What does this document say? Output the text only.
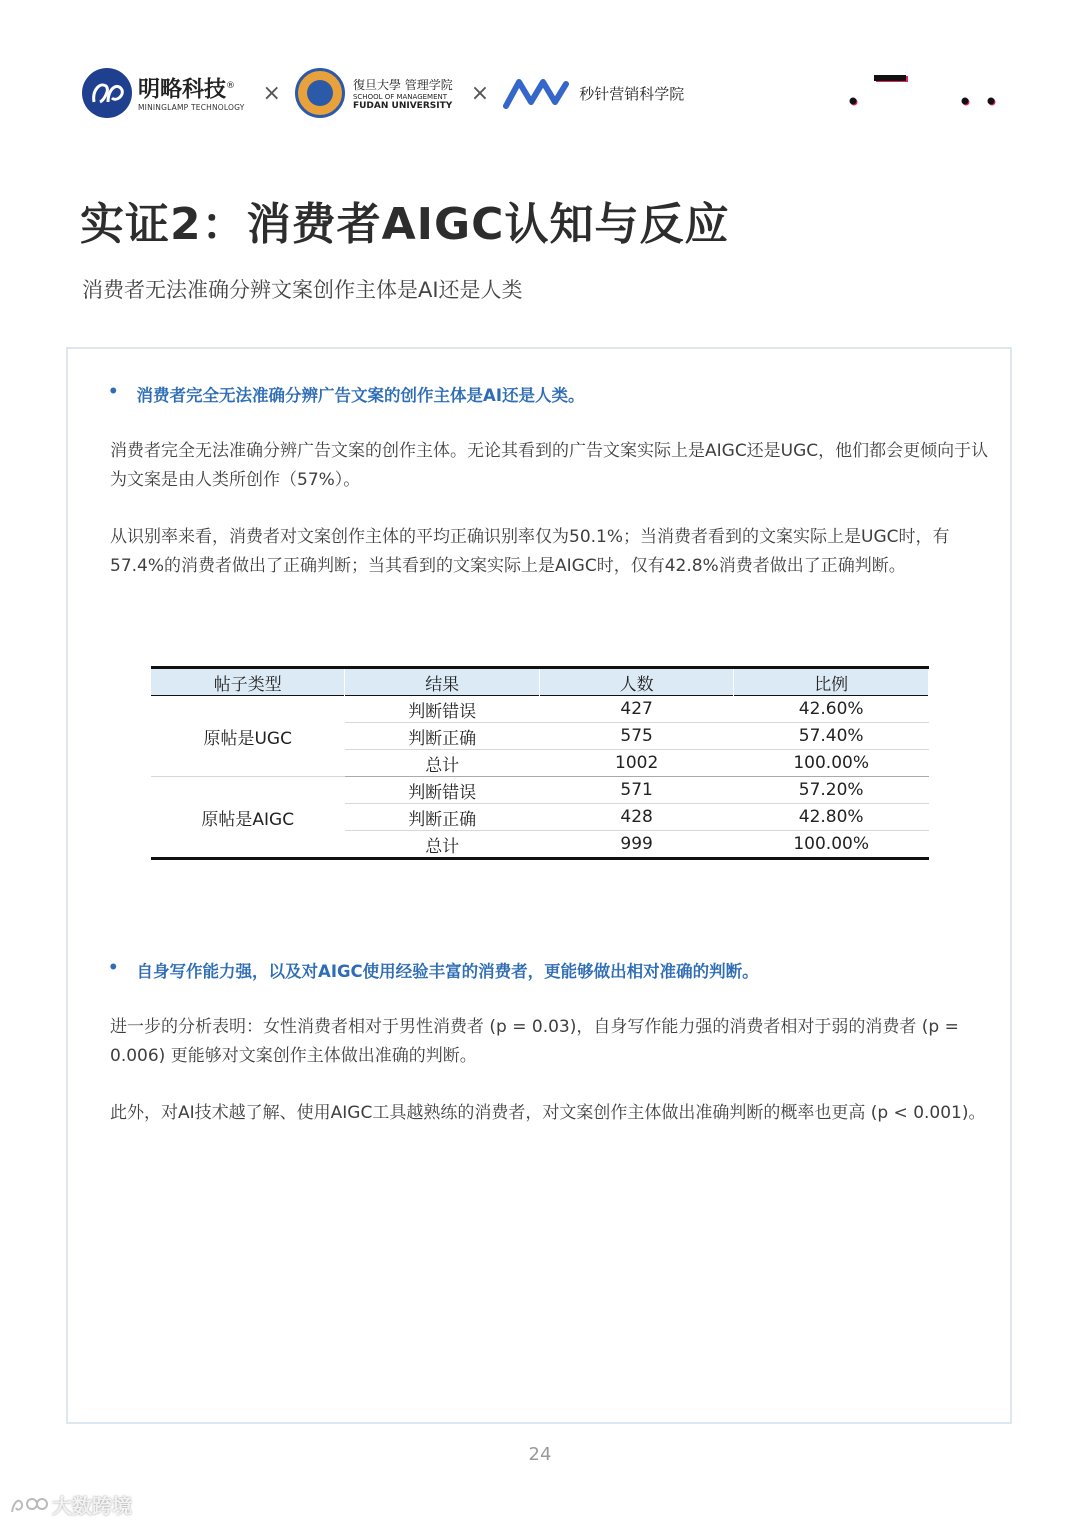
明略科技®
MININGLAMP TECHNOLOGY
×	復旦大學 管理学院
SCHOOL OF MANAGEMENT
FUDAN UNIVERSITY ×	秒针营销科学院
实证2：消费者AIGC认知与反应

消费者无法准确分辨文案创作主体是AI还是人类

• 消费者完全无法准确分辨广告文案的创作主体是AI还是人类。

消费者完全无法准确分辨广告文案的创作主体。无论其看到的广告文案实际上是AIGC还是UGC，他们都会更倾向于认为文案是由人类所创作（57%）。

从识别率来看，消费者对文案创作主体的平均正确识别率仅为50.1%；当消费者看到的文案实际上是UGC时，有57.4%的消费者做出了正确判断；当其看到的文案实际上是AIGC时，仅有42.8%消费者做出了正确判断。

帖子类型	结果	人数	比例
原帖是UGC	判断错误	427	42.60%
	判断正确	575	57.40%
	总计	1002	100.00%
原帖是AIGC	判断错误	571	57.20%
	判断正确	428	42.80%
	总计	999	100.00%
• 自身写作能力强，以及对AIGC使用经验丰富的消费者，更能够做出相对准确的判断。

进一步的分析表明：女性消费者相对于男性消费者 (p = 0.03)，自身写作能力强的消费者相对于弱的消费者 (p = 0.006) 更能够对文案创作主体做出准确的判断。

此外，对AI技术越了解、使用AIGC工具越熟练的消费者，对文案创作主体做出准确判断的概率也更高 (p < 0.001)。

24
大数跨境
